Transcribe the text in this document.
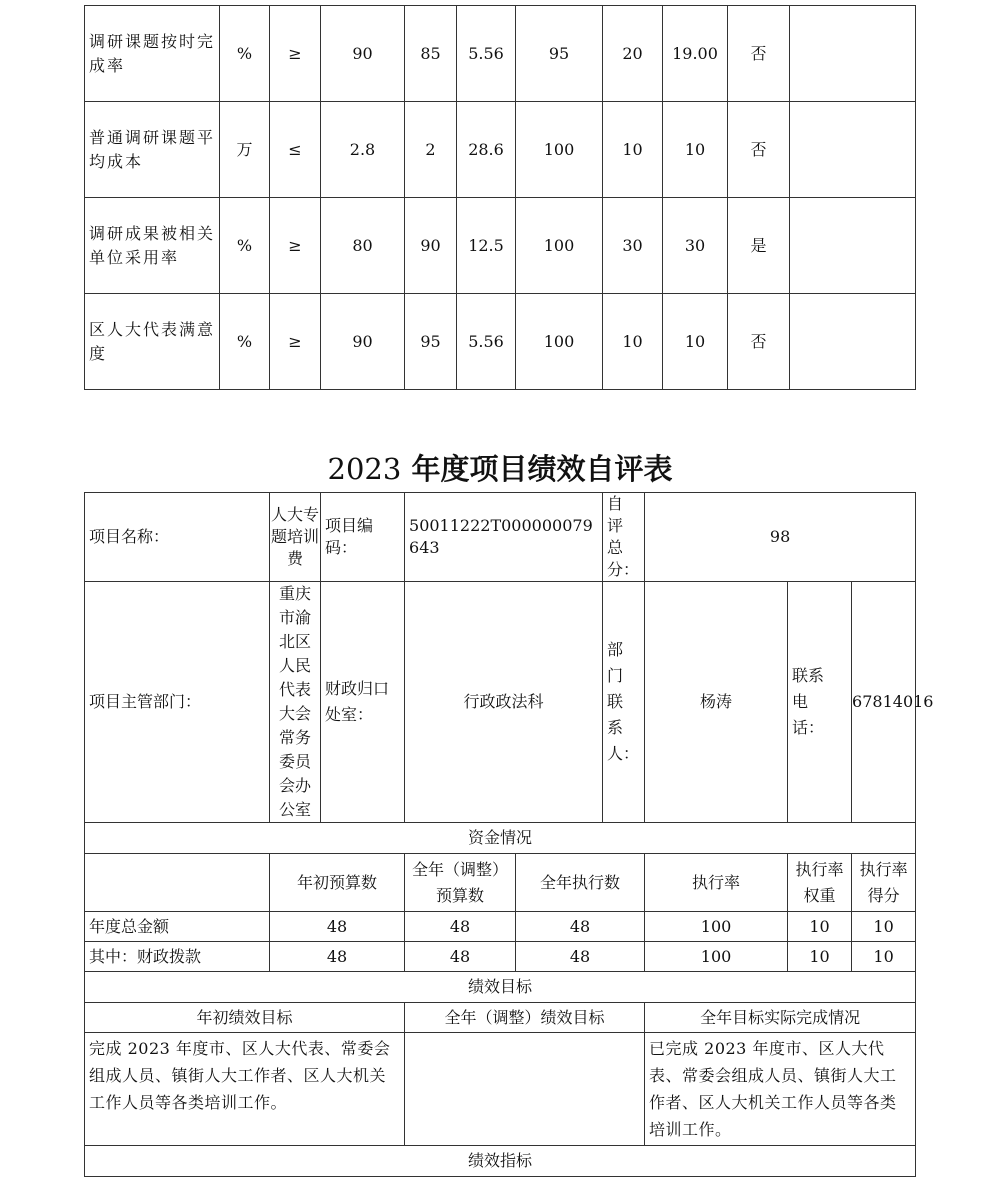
调研课题按时完成率	%	≥	90	85	5.56	95	20	19.00	否	
普通调研课题平均成本	万	≤	2.8	2	28.6	100	10	10	否	
调研成果被相关单位采用率	%	≥	80	90	12.5	100	30	30	是	
区人大代表满意度	%	≥	90	95	5.56	100	10	10	否	
2023 年度项目绩效自评表
项目名称：	人大专题培训费	项目编码：	50011222T000000079643		自评总分：	98		
项目主管部门：	重庆市渝北区人民代表大会常务委员会办公室	财政归口处室：	行政政法科		部门联系人：	杨涛	联系电话：	67814016
资金情况								
	年初预算数		全年（调整）预算数	全年执行数		执行率	执行率权重	执行率得分
年度总金额	48		48	48		100	10	10
其中：财政拨款	48		48	48		100	10	10
绩效目标								
年初绩效目标			全年（调整）绩效目标			全年目标实际完成情况		
完成 2023 年度市、区人大代表、常委会组成人员、镇街人大工作者、区人大机关工作人员等各类培训工作。						已完成 2023 年度市、区人大代表、常委会组成人员、镇街人大工作者、区人大机关工作人员等各类培训工作。		
绩效指标								
